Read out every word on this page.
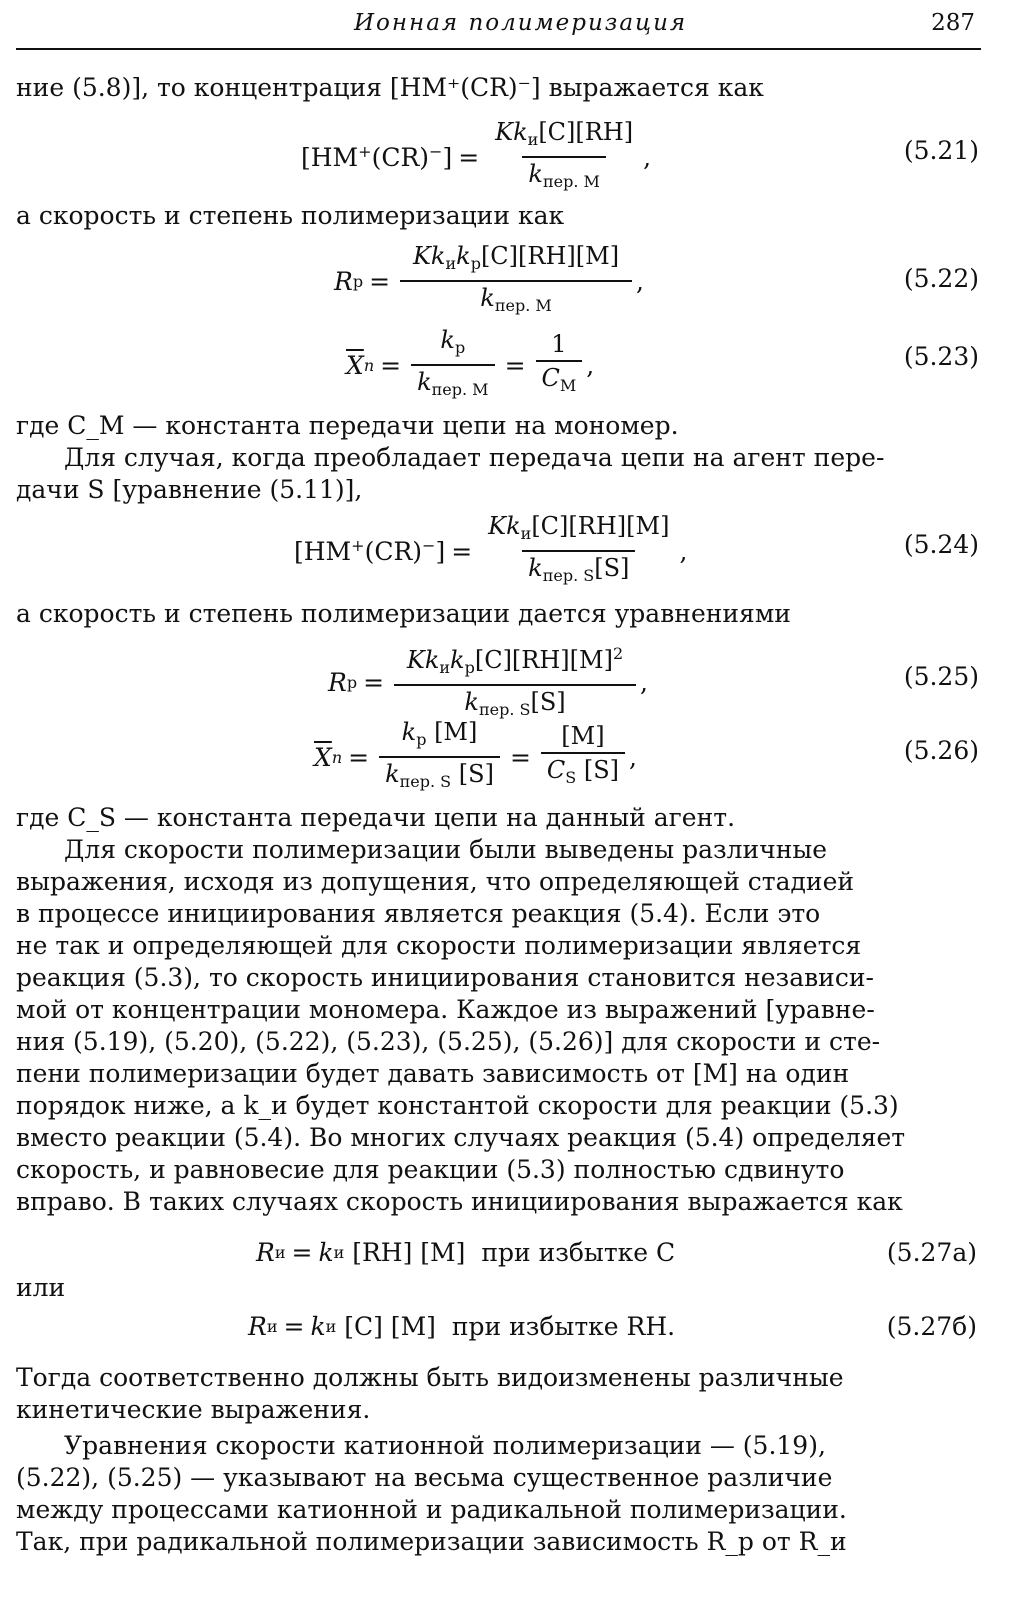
Ионная полимеризация	287
ние (5.8)], то концентрация [HM⁺(CR)⁻] выражается как
$[HM^+(CR)^-] = \frac{Kk_и[C][RH]}{k_{пер. M}}$ ,	(5.21)
а скорость и степень полимеризации как
R $p = \frac{Kk_иk_p[C][RH][M]}{k_{пер. M}}$ ,	(5.22)
$\overline{X}$ $n = \frac{k_p}{k_{пер. M}} = \frac{1}{C_M}$ ,	(5.23)
где C_M — константа передачи цепи на мономер.
Для случая, когда преобладает передача цепи на агент пере-
дачи S [уравнение (5.11)],
$[HM^+(CR)^-] = \frac{Kk_и[C][RH][M]}{k_{пер. S}[S]}$ ,	(5.24)
а скорость и степень полимеризации дается уравнениями
R $p = \frac{Kk_иk_p[C][RH][M]^2}{k_{пер. S}[S]}$ ,	(5.25)
$\overline{X}$ $n = \frac{k_p [M]}{k_{пер. S} [S]} = \frac{[M]}{C_S [S]}$ ,	(5.26)
где C_S — константа передачи цепи на данный агент.
Для скорости полимеризации были выведены различные
выражения, исходя из допущения, что определяющей стадией
в процессе инициирования является реакция (5.4). Если это
не так и определяющей для скорости полимеризации является
реакция (5.3), то скорость инициирования становится независи-
мой от концентрации мономера. Каждое из выражений [уравне-
ния (5.19), (5.20), (5.22), (5.23), (5.25), (5.26)] для скорости и сте-
пени полимеризации будет давать зависимость от [M] на один
порядок ниже, а k_и будет константой скорости для реакции (5.3)
вместо реакции (5.4). Во многих случаях реакция (5.4) определяет
скорость, и равновесие для реакции (5.3) полностью сдвинуто
вправо. В таких случаях скорость инициирования выражается как
R и = k и [RH] [M] при избытке C	(5.27а)
или
R и = k и [C] [M] при избытке RH.	(5.27б)
Тогда соответственно должны быть видоизменены различные
кинетические выражения.
Уравнения скорости катионной полимеризации — (5.19),
(5.22), (5.25) — указывают на весьма существенное различие
между процессами катионной и радикальной полимеризации.
Так, при радикальной полимеризации зависимость R_p от R_и
